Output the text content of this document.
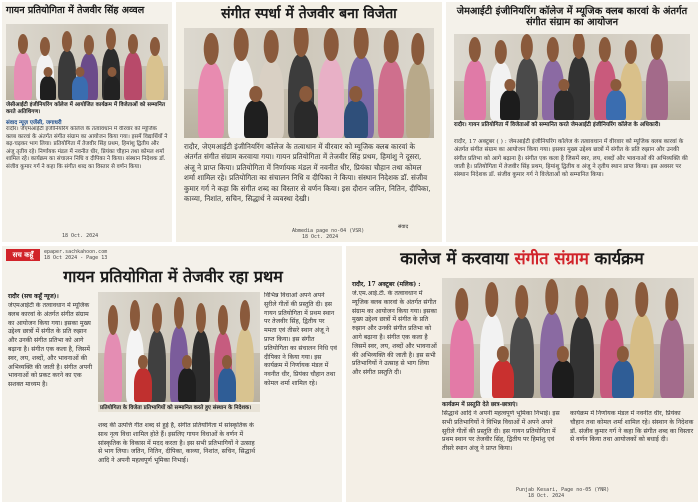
गायन प्रतियोगिता में तेजवीर सिंह अव्वल
जेसीआईटी इंजीनियरिंग कॉलेज में आयोजित कार्यक्रम में विजेताओं को सम्मानित करते अतिथिगण।
संवाद न्यूज़ एजेंसी, जगाधरी
रादौर। जेएमआईटी इंजीनियरिंग कॉलेज के तत्वावधान में वीरवार को म्यूजिक क्लब कारवां के अंतर्गत संगीत संग्राम का आयोजन किया गया। इसमें विद्यार्थियों ने बढ़-चढ़कर भाग लिया। प्रतियोगिता में तेजवीर सिंह प्रथम, हिमांशु द्वितीय और अंजू तृतीय रहे। निर्णायक मंडल में नवनीत धीर, प्रियंका चौहान तथा कोमल शर्मा शामिल रहे। कार्यक्रम का संचालन निधि व दीपिका ने किया। संस्थान निदेशक डॉ. संजीव कुमार गर्ग ने कहा कि संगीत शब्द का विस्तार से वर्णन किया।
18 Oct. 2024
संगीत स्पर्धा में तेजवीर बना विजेता
रादौर, जेएमआईटी इंजीनियरिंग कॉलेज के तत्वाधान में वीरवार को म्यूजिक क्लब कारवां के अंतर्गत संगीत संग्राम करवाया गया। गायन प्रतियोगिता में तेजवीर सिंह प्रथम, हिमांशु ने दूसरा, अंजू ने प्राप्त किया। प्रतियोगिता में निर्णायक मंडल में नवनीत धीर, प्रियंका चौहान तथा कोमल शर्मा शामिल रहे। प्रतियोगिता का संचालन निधि व दीपिका ने किया। संस्थान निदेशक डॉ. संजीव कुमार गर्ग ने कहा कि संगीत शब्द का विस्तार से वर्णन किया। इस दौरान जतिन, नितिन, दीपिका, काव्या, निशांत, सचिन, सिद्धार्थ ने व्यवस्था देखी।
संवाद
Abmedia page no-04 (VSR)
18 Oct. 2024
जेमआईटी इंजीनियरिंग कॉलेज में म्यूजिक क्लब कारवां के अंतर्गत संगीत संग्राम का आयोजन
रादौर। गायन प्रतियोगिता में विजेताओं को सम्मानित करते जेमआईटी इंजीनियरिंग कॉलेज के अधिकारी।
रादौर, 17 अक्टूबर ( ) : जेमआईटी इंजीनियरिंग कॉलेज के तत्वावधान में वीरवार को म्यूजिक क्लब कारवां के अंतर्गत संगीत संग्राम का आयोजन किया गया। इसका मुख्य उद्देश्य छात्रों में संगीत के प्रति रुझान और उनकी संगीत प्रतिभा को आगे बढ़ाना है। संगीत एक कला है जिसमें स्वर, लय, शब्दों और भावनाओं की अभिव्यक्ति की जाती है। प्रतियोगिता में तेजवीर सिंह प्रथम, हिमांशु द्वितीय व अंजू ने तृतीय स्थान प्राप्त किया। इस अवसर पर संस्थान निदेशक डॉ. संजीव कुमार गर्ग ने विजेताओं को सम्मानित किया।
सच कहूँ	epaper.sachkahoon.com
18 Oct 2024 - Page 13
गायन प्रतियोगिता में तेजवीर रहा प्रथम
रादौर (सच कहूँ न्यूज)।
जेएमआईटी के तत्वावधान में म्यूजिक क्लब कारवां के अंतर्गत संगीत संग्राम का आयोजन किया गया। इसका मुख्य उद्देश्य छात्रों में संगीत के प्रति रुझान और उनकी संगीत प्रतिभा को आगे बढ़ाना है। संगीत एक कला है, जिसमें स्वर, लय, शब्दों, और भावनाओं की अभिव्यक्ति की जाती है। संगीत अपनी भावनाओं को प्रकट करने का एक सशक्त माध्यम है।
प्रतियोगिता के विजेता प्रतिभागियों को सम्मानित करते हुए संस्थान के निदेशक।
शब्द की उत्पत्ति गीत शब्द से हुई है, संगीत प्रतियोगिता में सांस्कृतिक के साथ नृत्य विधा शामिल होते हैं। इसलिए गायन विधाओं के वर्णन में सांस्कृतिक के विकास में मदद करता है। इस सभी प्रतिभागियों ने उत्साह से भाग लिया। जतिन, नितिन, दीपिका, काव्या, निशांत, सचिन, सिद्धार्थ आदि ने अपनी महत्वपूर्ण भूमिका निभाई।
विभिन्न विधाओं अपने अपने सुरीले गीतों की प्रस्तुति दी। इस गायन प्रतियोगिता में प्रथम स्थान पर तेजवीर सिंह, द्वितीय पर ममता एवं तीसरे स्थान अंजू ने प्राप्त किया। इस संगीत प्रतियोगिता का संचालन निधि एवं दीपिका ने किया गया। इस कार्यक्रम में निर्णायक मंडल में नवनीत धीर, प्रियंका चौहान तथा कोमल शर्मा शामिल रहे।
कालेज में करवाया संगीत संग्राम कार्यक्रम
रादौर, 17 अक्टूबर (मलिक) :
जे.एम.आई.टी. के तत्वावधान में म्यूजिक क्लब कारवां के अंतर्गत संगीत संग्राम का आयोजन किया गया। इसका मुख्य उद्देश्य छात्रों में संगीत के प्रति रुझान और उनकी संगीत प्रतिभा को आगे बढ़ाना है। संगीत एक कला है जिसमें स्वर, लय, शब्दों और भावनाओं की अभिव्यक्ति की जाती है। इस सभी प्रतिभागियों ने उत्साह से भाग लिया और संगीत प्रस्तुति दी।
कार्यक्रम में प्रस्तुति देते छात्र-छात्राएं।
सिद्धार्थ आदि ने अपनी महत्वपूर्ण भूमिका निभाई। इस सभी प्रतिभागियों ने विभिन्न विधाओं में अपने अपने सुरीले गीतों की प्रस्तुति दी। इस गायन प्रतियोगिता में प्रथम स्थान पर तेजवीर सिंह, द्वितीय पर हिमांशु एवं तीसरे स्थान अंजू ने प्राप्त किया।
कार्यक्रम में निर्णायक मंडल में नवनीत धीर, प्रियंका चौहान तथा कोमल शर्मा शामिल रहे। संस्थान के निदेशक डॉ. संजीव कुमार गर्ग ने कहा कि संगीत शब्द का विस्तार से वर्णन किया तथा आयोजकों को बधाई दी।
Punjab Kesari, Page no-05 (YNR)
18 Oct. 2024
